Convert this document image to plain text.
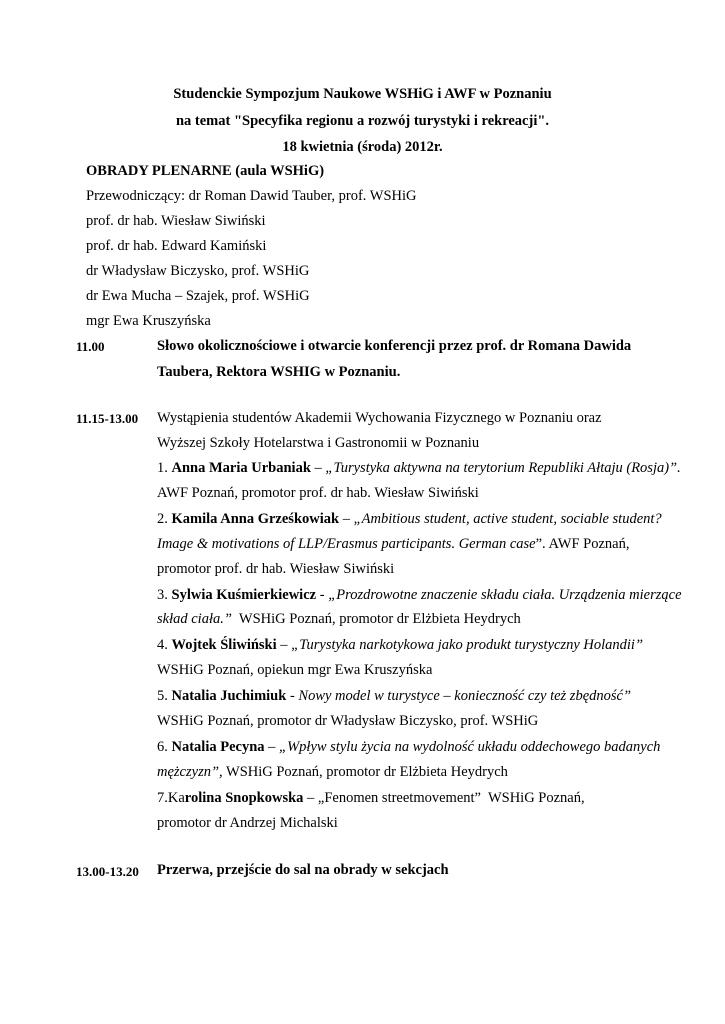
Studenckie Sympozjum Naukowe WSHiG i AWF w Poznaniu
na temat "Specyfika regionu a rozwój turystyki i rekreacji".
18 kwietnia (środa) 2012r.
OBRADY PLENARNE (aula WSHiG)
Przewodniczący: dr Roman Dawid Tauber, prof. WSHiG
prof. dr hab. Wiesław Siwiński
prof. dr hab. Edward Kamiński
dr Władysław Biczysko, prof. WSHiG
dr Ewa Mucha – Szajek, prof. WSHiG
mgr Ewa Kruszyńska
11.00	Słowo okolicznościowe i otwarcie konferencji przez prof. dr Romana Dawida
Taubera, Rektora WSHIG w Poznaniu.
11.15-13.00 Wystąpienia studentów Akademii Wychowania Fizycznego w Poznaniu oraz
Wyższej Szkoły Hotelarstwa i Gastronomii w Poznaniu
1. Anna Maria Urbaniak – „Turystyka aktywna na terytorium Republiki Ałtaju (Rosja)”.
AWF Poznań, promotor prof. dr hab. Wiesław Siwiński
2. Kamila Anna Grześkowiak – „Ambitious student, active student, sociable student?
Image & motivations of LLP/Erasmus participants. German case”. AWF Poznań,
promotor prof. dr hab. Wiesław Siwiński
3. Sylwia Kuśmierkiewicz - „Prozdrowotne znaczenie składu ciała. Urządzenia mierzące
skład ciała.”  WSHiG Poznań, promotor dr Elżbieta Heydrych
4. Wojtek Śliwiński – „Turystyka narkotykowa jako produkt turystyczny Holandii”
WSHiG Poznań, opiekun mgr Ewa Kruszyńska
5. Natalia Juchimiuk - Nowy model w turystyce – konieczność czy też zbędność”
WSHiG Poznań, promotor dr Władysław Biczysko, prof. WSHiG
6. Natalia Pecyna – „Wpływ stylu życia na wydolność układu oddechowego badanych
mężczyzn”, WSHiG Poznań, promotor dr Elżbieta Heydrych
7.Karolina Snopkowska – „Fenomen streetmovement”  WSHiG Poznań,
promotor dr Andrzej Michalski
13.00-13.20 Przerwa, przejście do sal na obrady w sekcjach
